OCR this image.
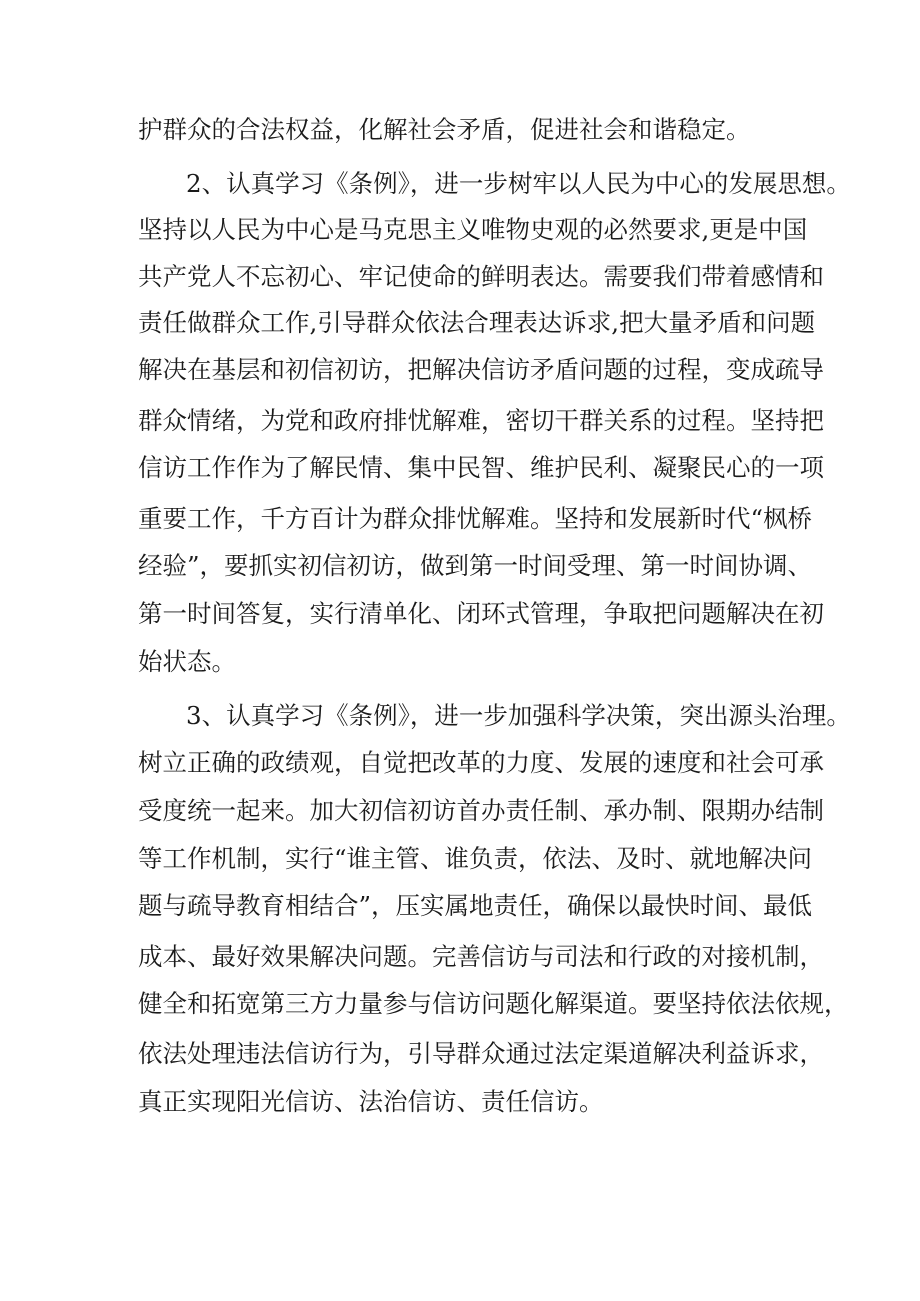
护群众的合法权益，化解社会矛盾，促进社会和谐稳定。
2、认真学习《条例》，进一步树牢以人民为中心的发展思想。
坚持以人民为中心是马克思主义唯物史观的必然要求,更是中国
共产党人不忘初心、牢记使命的鲜明表达。需要我们带着感情和
责任做群众工作,引导群众依法合理表达诉求,把大量矛盾和问题
解决在基层和初信初访，把解决信访矛盾问题的过程，变成疏导
群众情绪，为党和政府排忧解难，密切干群关系的过程。坚持把
信访工作作为了解民情、集中民智、维护民利、凝聚民心的一项
重要工作，千方百计为群众排忧解难。坚持和发展新时代“枫桥
经验”，要抓实初信初访，做到第一时间受理、第一时间协调、
第一时间答复，实行清单化、闭环式管理，争取把问题解决在初
始状态。
3、认真学习《条例》，进一步加强科学决策，突出源头治理。
树立正确的政绩观，自觉把改革的力度、发展的速度和社会可承
受度统一起来。加大初信初访首办责任制、承办制、限期办结制
等工作机制，实行“谁主管、谁负责，依法、及时、就地解决问
题与疏导教育相结合”，压实属地责任，确保以最快时间、最低
成本、最好效果解决问题。完善信访与司法和行政的对接机制，
健全和拓宽第三方力量参与信访问题化解渠道。要坚持依法依规，
依法处理违法信访行为，引导群众通过法定渠道解决利益诉求，
真正实现阳光信访、法治信访、责任信访。
